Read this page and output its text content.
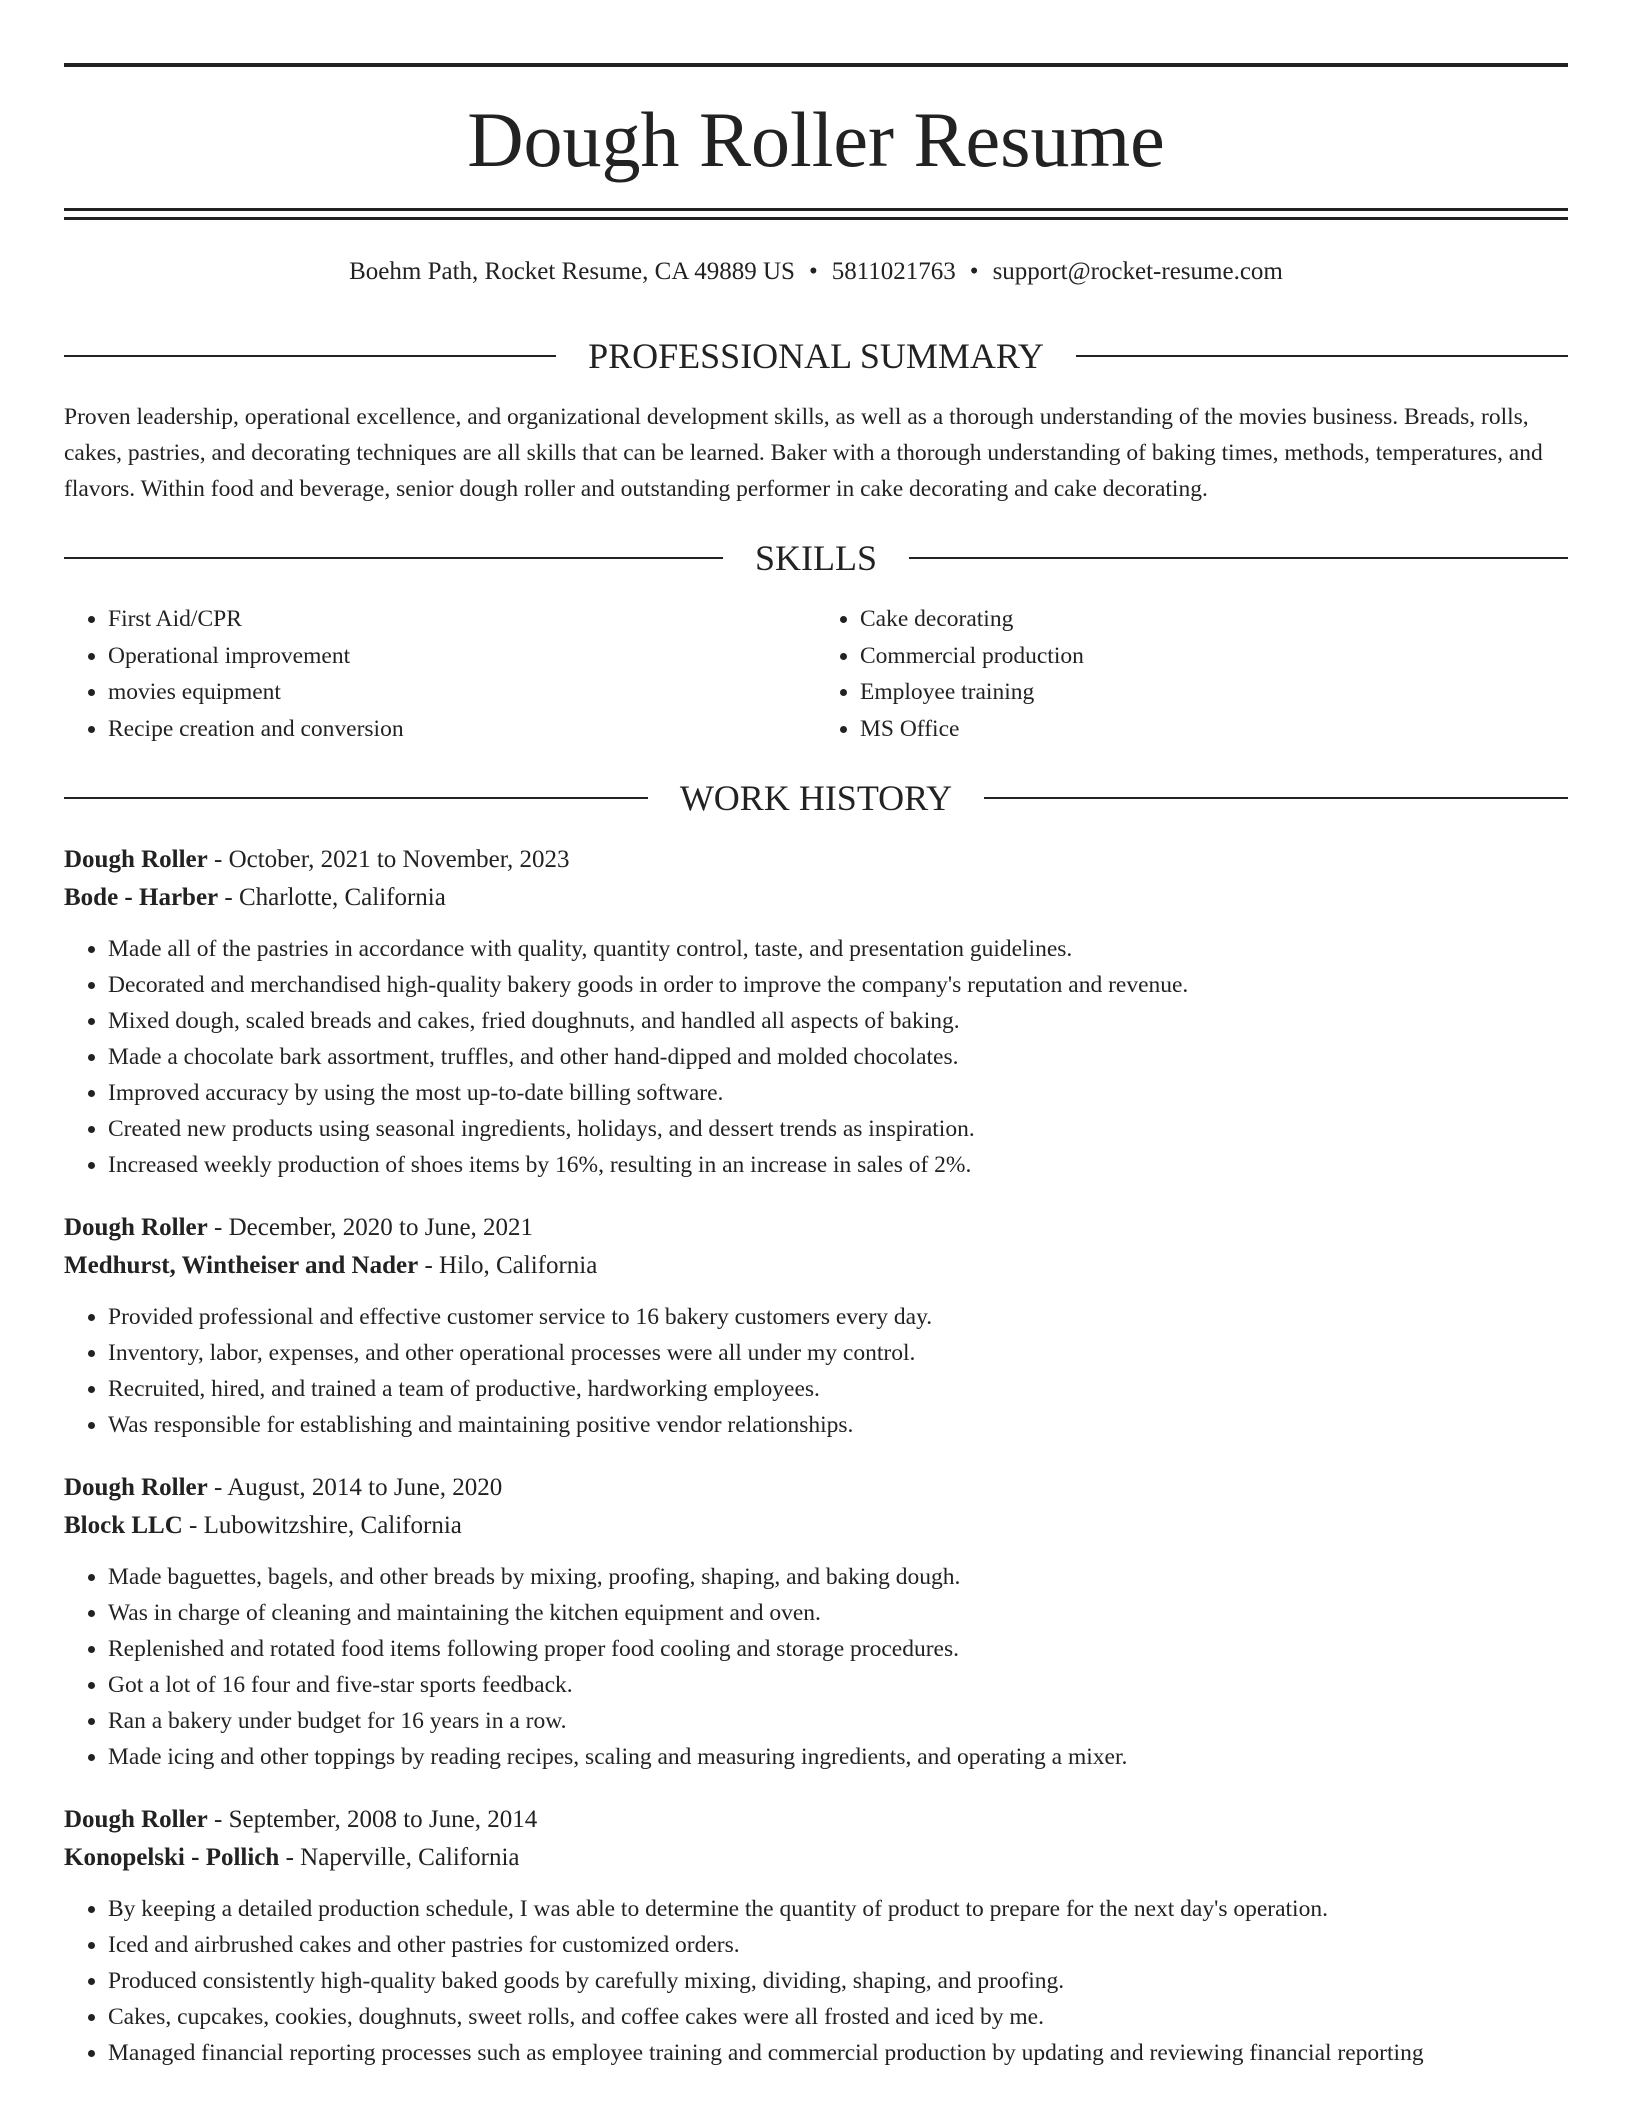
Dough Roller Resume
Boehm Path, Rocket Resume, CA 49889 US • 5811021763 • support@rocket-resume.com
PROFESSIONAL SUMMARY

Proven leadership, operational excellence, and organizational development skills, as well as a thorough understanding of the movies business. Breads, rolls, cakes, pastries, and decorating techniques are all skills that can be learned. Baker with a thorough understanding of baking times, methods, temperatures, and flavors. Within food and beverage, senior dough roller and outstanding performer in cake decorating and cake decorating.

SKILLS
• First Aid/CPR
• Operational improvement
• movies equipment
• Recipe creation and conversion
• Cake decorating
• Commercial production
• Employee training
• MS Office
WORK HISTORY
Dough Roller - October, 2021 to November, 2023
Bode - Harber - Charlotte, California
• Made all of the pastries in accordance with quality, quantity control, taste, and presentation guidelines.
• Decorated and merchandised high-quality bakery goods in order to improve the company's reputation and revenue.
• Mixed dough, scaled breads and cakes, fried doughnuts, and handled all aspects of baking.
• Made a chocolate bark assortment, truffles, and other hand-dipped and molded chocolates.
• Improved accuracy by using the most up-to-date billing software.
• Created new products using seasonal ingredients, holidays, and dessert trends as inspiration.
• Increased weekly production of shoes items by 16%, resulting in an increase in sales of 2%.
Dough Roller - December, 2020 to June, 2021
Medhurst, Wintheiser and Nader - Hilo, California
• Provided professional and effective customer service to 16 bakery customers every day.
• Inventory, labor, expenses, and other operational processes were all under my control.
• Recruited, hired, and trained a team of productive, hardworking employees.
• Was responsible for establishing and maintaining positive vendor relationships.
Dough Roller - August, 2014 to June, 2020
Block LLC - Lubowitzshire, California
• Made baguettes, bagels, and other breads by mixing, proofing, shaping, and baking dough.
• Was in charge of cleaning and maintaining the kitchen equipment and oven.
• Replenished and rotated food items following proper food cooling and storage procedures.
• Got a lot of 16 four and five-star sports feedback.
• Ran a bakery under budget for 16 years in a row.
• Made icing and other toppings by reading recipes, scaling and measuring ingredients, and operating a mixer.
Dough Roller - September, 2008 to June, 2014
Konopelski - Pollich - Naperville, California
• By keeping a detailed production schedule, I was able to determine the quantity of product to prepare for the next day's operation.
• Iced and airbrushed cakes and other pastries for customized orders.
• Produced consistently high-quality baked goods by carefully mixing, dividing, shaping, and proofing.
• Cakes, cupcakes, cookies, doughnuts, sweet rolls, and coffee cakes were all frosted and iced by me.
• Managed financial reporting processes such as employee training and commercial production by updating and reviewing financial reporting
